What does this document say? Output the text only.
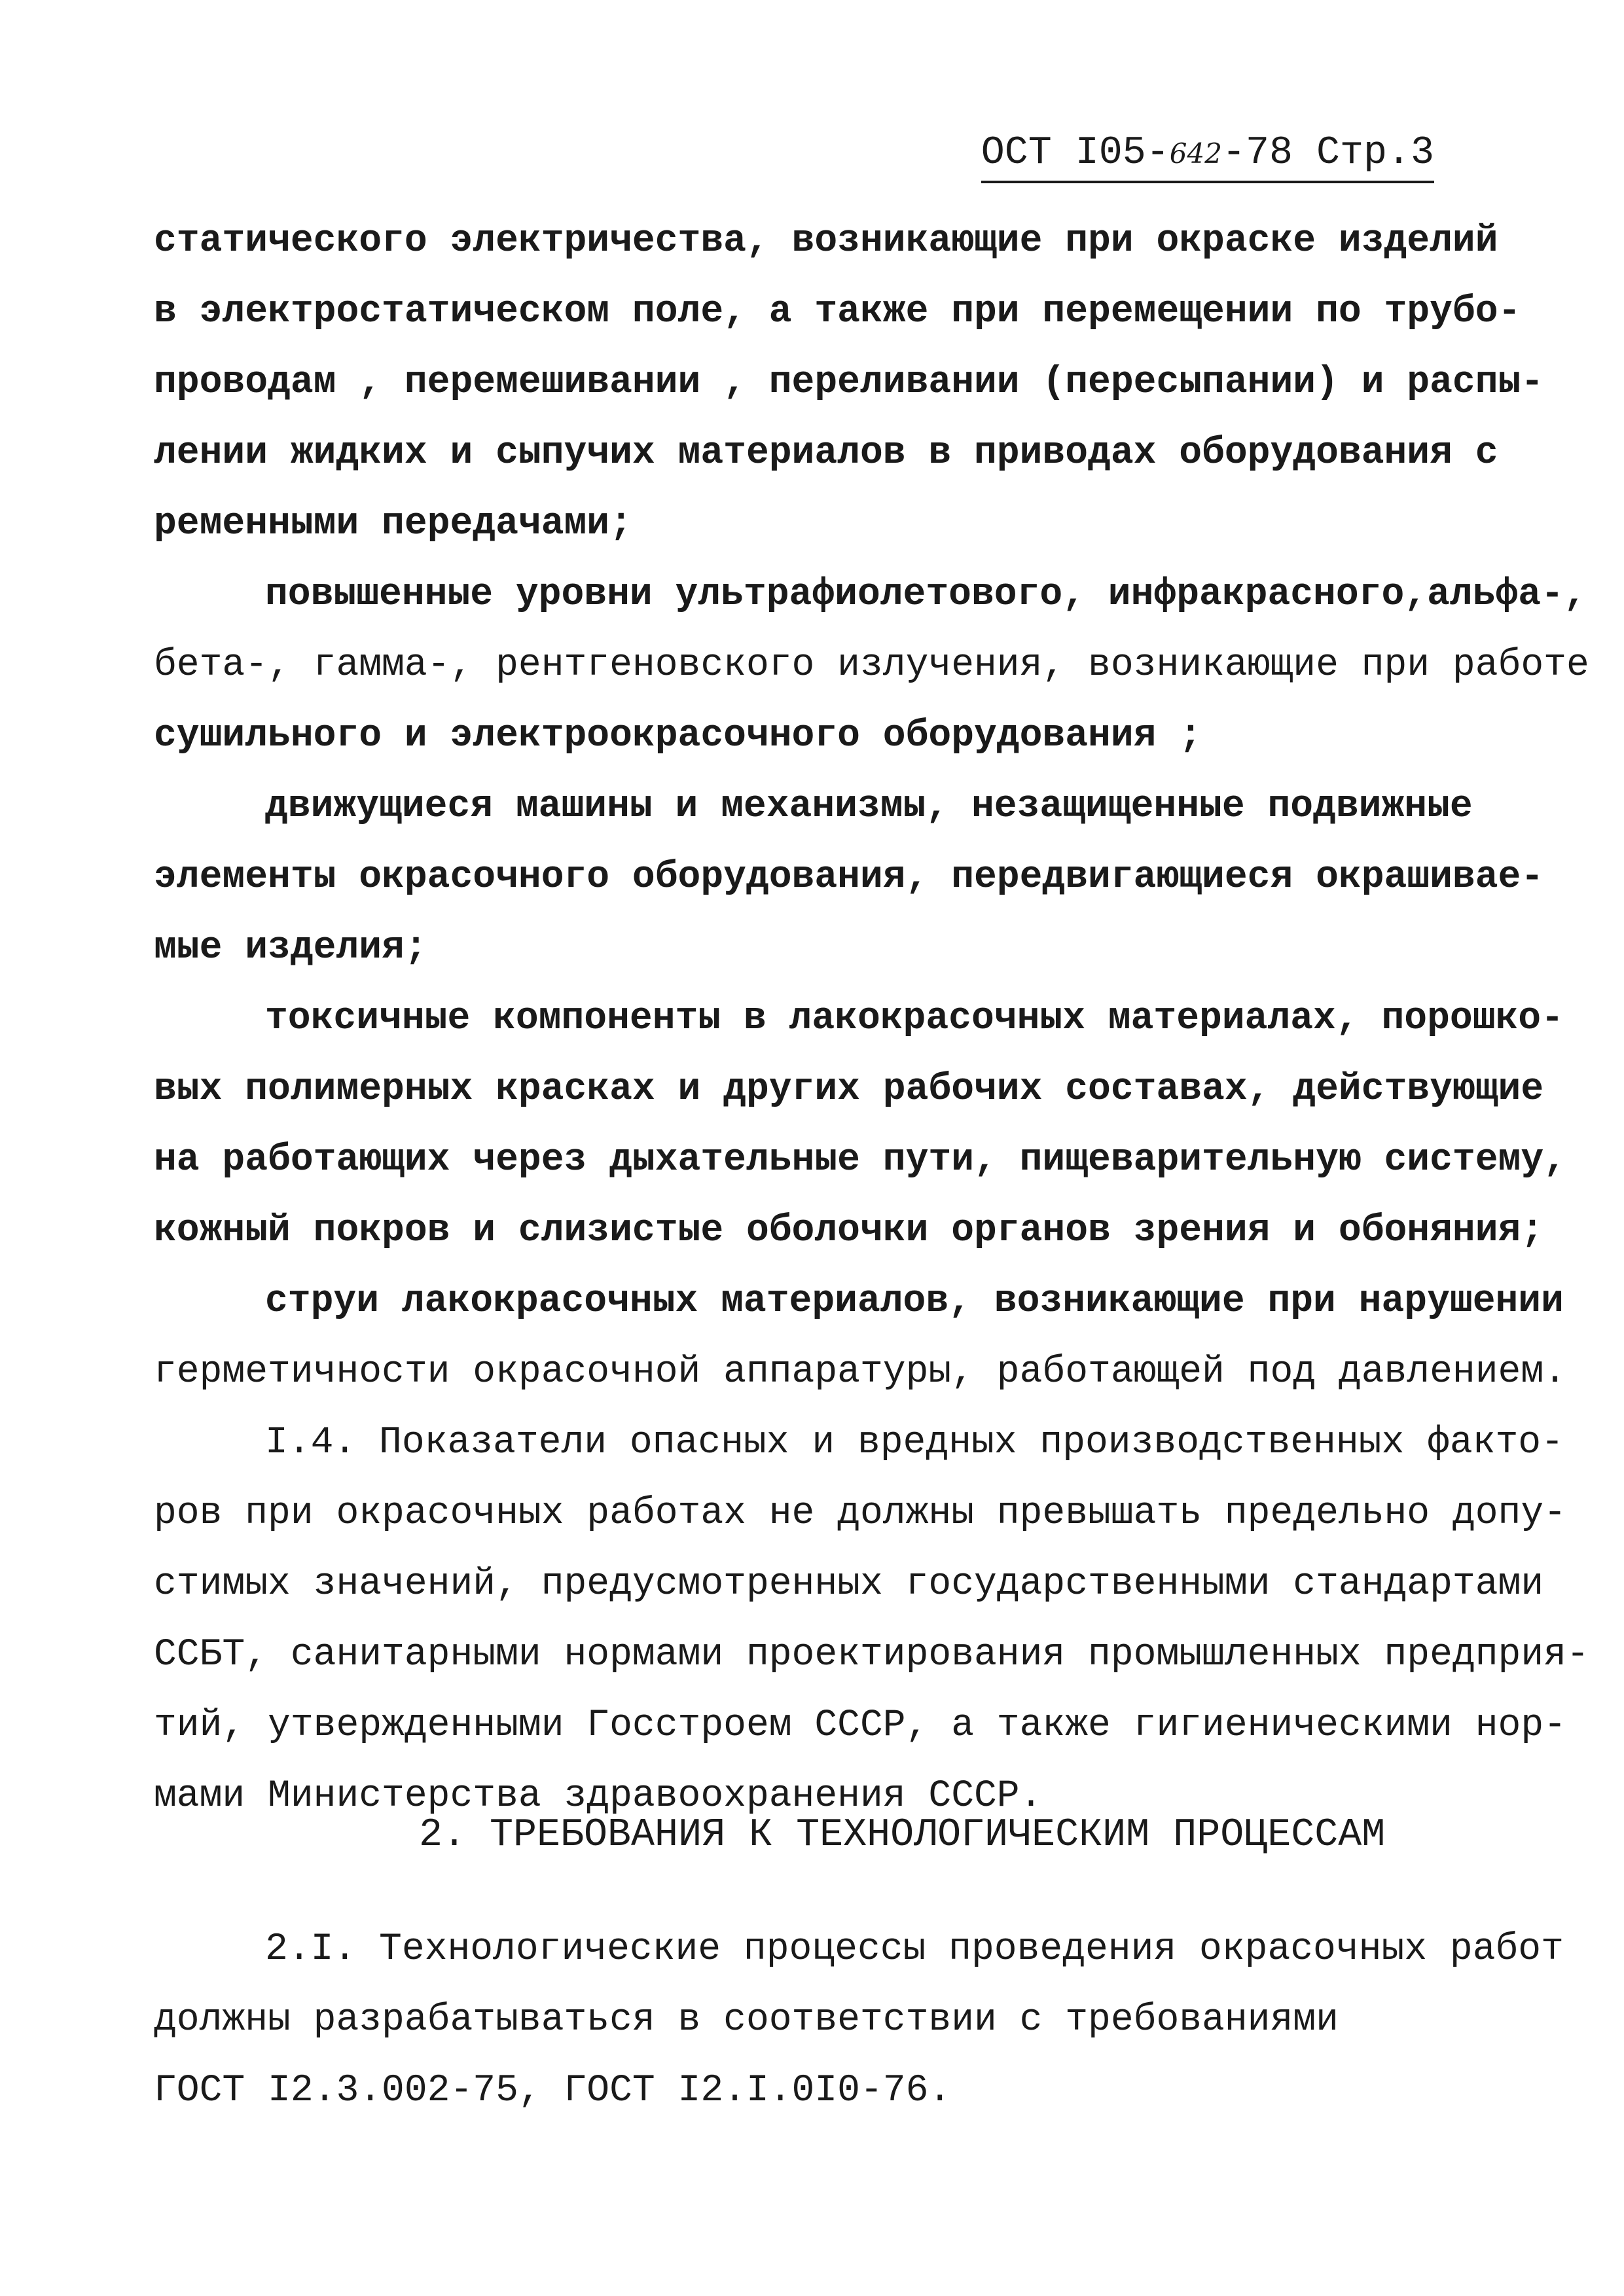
ОСТ I05-642-78 Стр.3
статического электричества, возникающие при окраске изделий
в электростатическом поле, а также при перемещении по трубо-
проводам , перемешивании , переливании (пересыпании) и распы-
лении жидких и сыпучих материалов в приводах оборудования с
ременными передачами;
повышенные уровни ультрафиолетового, инфракрасного,альфа-,
бета-, гамма-, рентгеновского излучения, возникающие при работе
сушильного и электроокрасочного оборудования ;
движущиеся машины и механизмы, незащищенные подвижные
элементы окрасочного оборудования, передвигающиеся окрашивае-
мые изделия;
токсичные компоненты в лакокрасочных материалах, порошко-
вых полимерных красках и других рабочих составах, действующие
на работающих через дыхательные пути, пищеварительную систему,
кожный покров и слизистые оболочки органов зрения и обоняния;
струи лакокрасочных материалов, возникающие при нарушении
герметичности окрасочной аппаратуры, работающей под давлением.
I.4. Показатели опасных и вредных производственных факто-
ров при окрасочных работах не должны превышать предельно допу-
стимых значений, предусмотренных государственными стандартами
ССБТ, санитарными нормами проектирования промышленных предприя-
тий, утвержденными Госстроем СССР, а также гигиеническими нор-
мами Министерства здравоохранения СССР.
2. ТРЕБОВАНИЯ К ТЕХНОЛОГИЧЕСКИМ ПРОЦЕССАМ
2.I. Технологические процессы проведения окрасочных работ
должны разрабатываться в соответствии с требованиями
ГОСТ I2.3.002-75, ГОСТ I2.I.0I0-76.
